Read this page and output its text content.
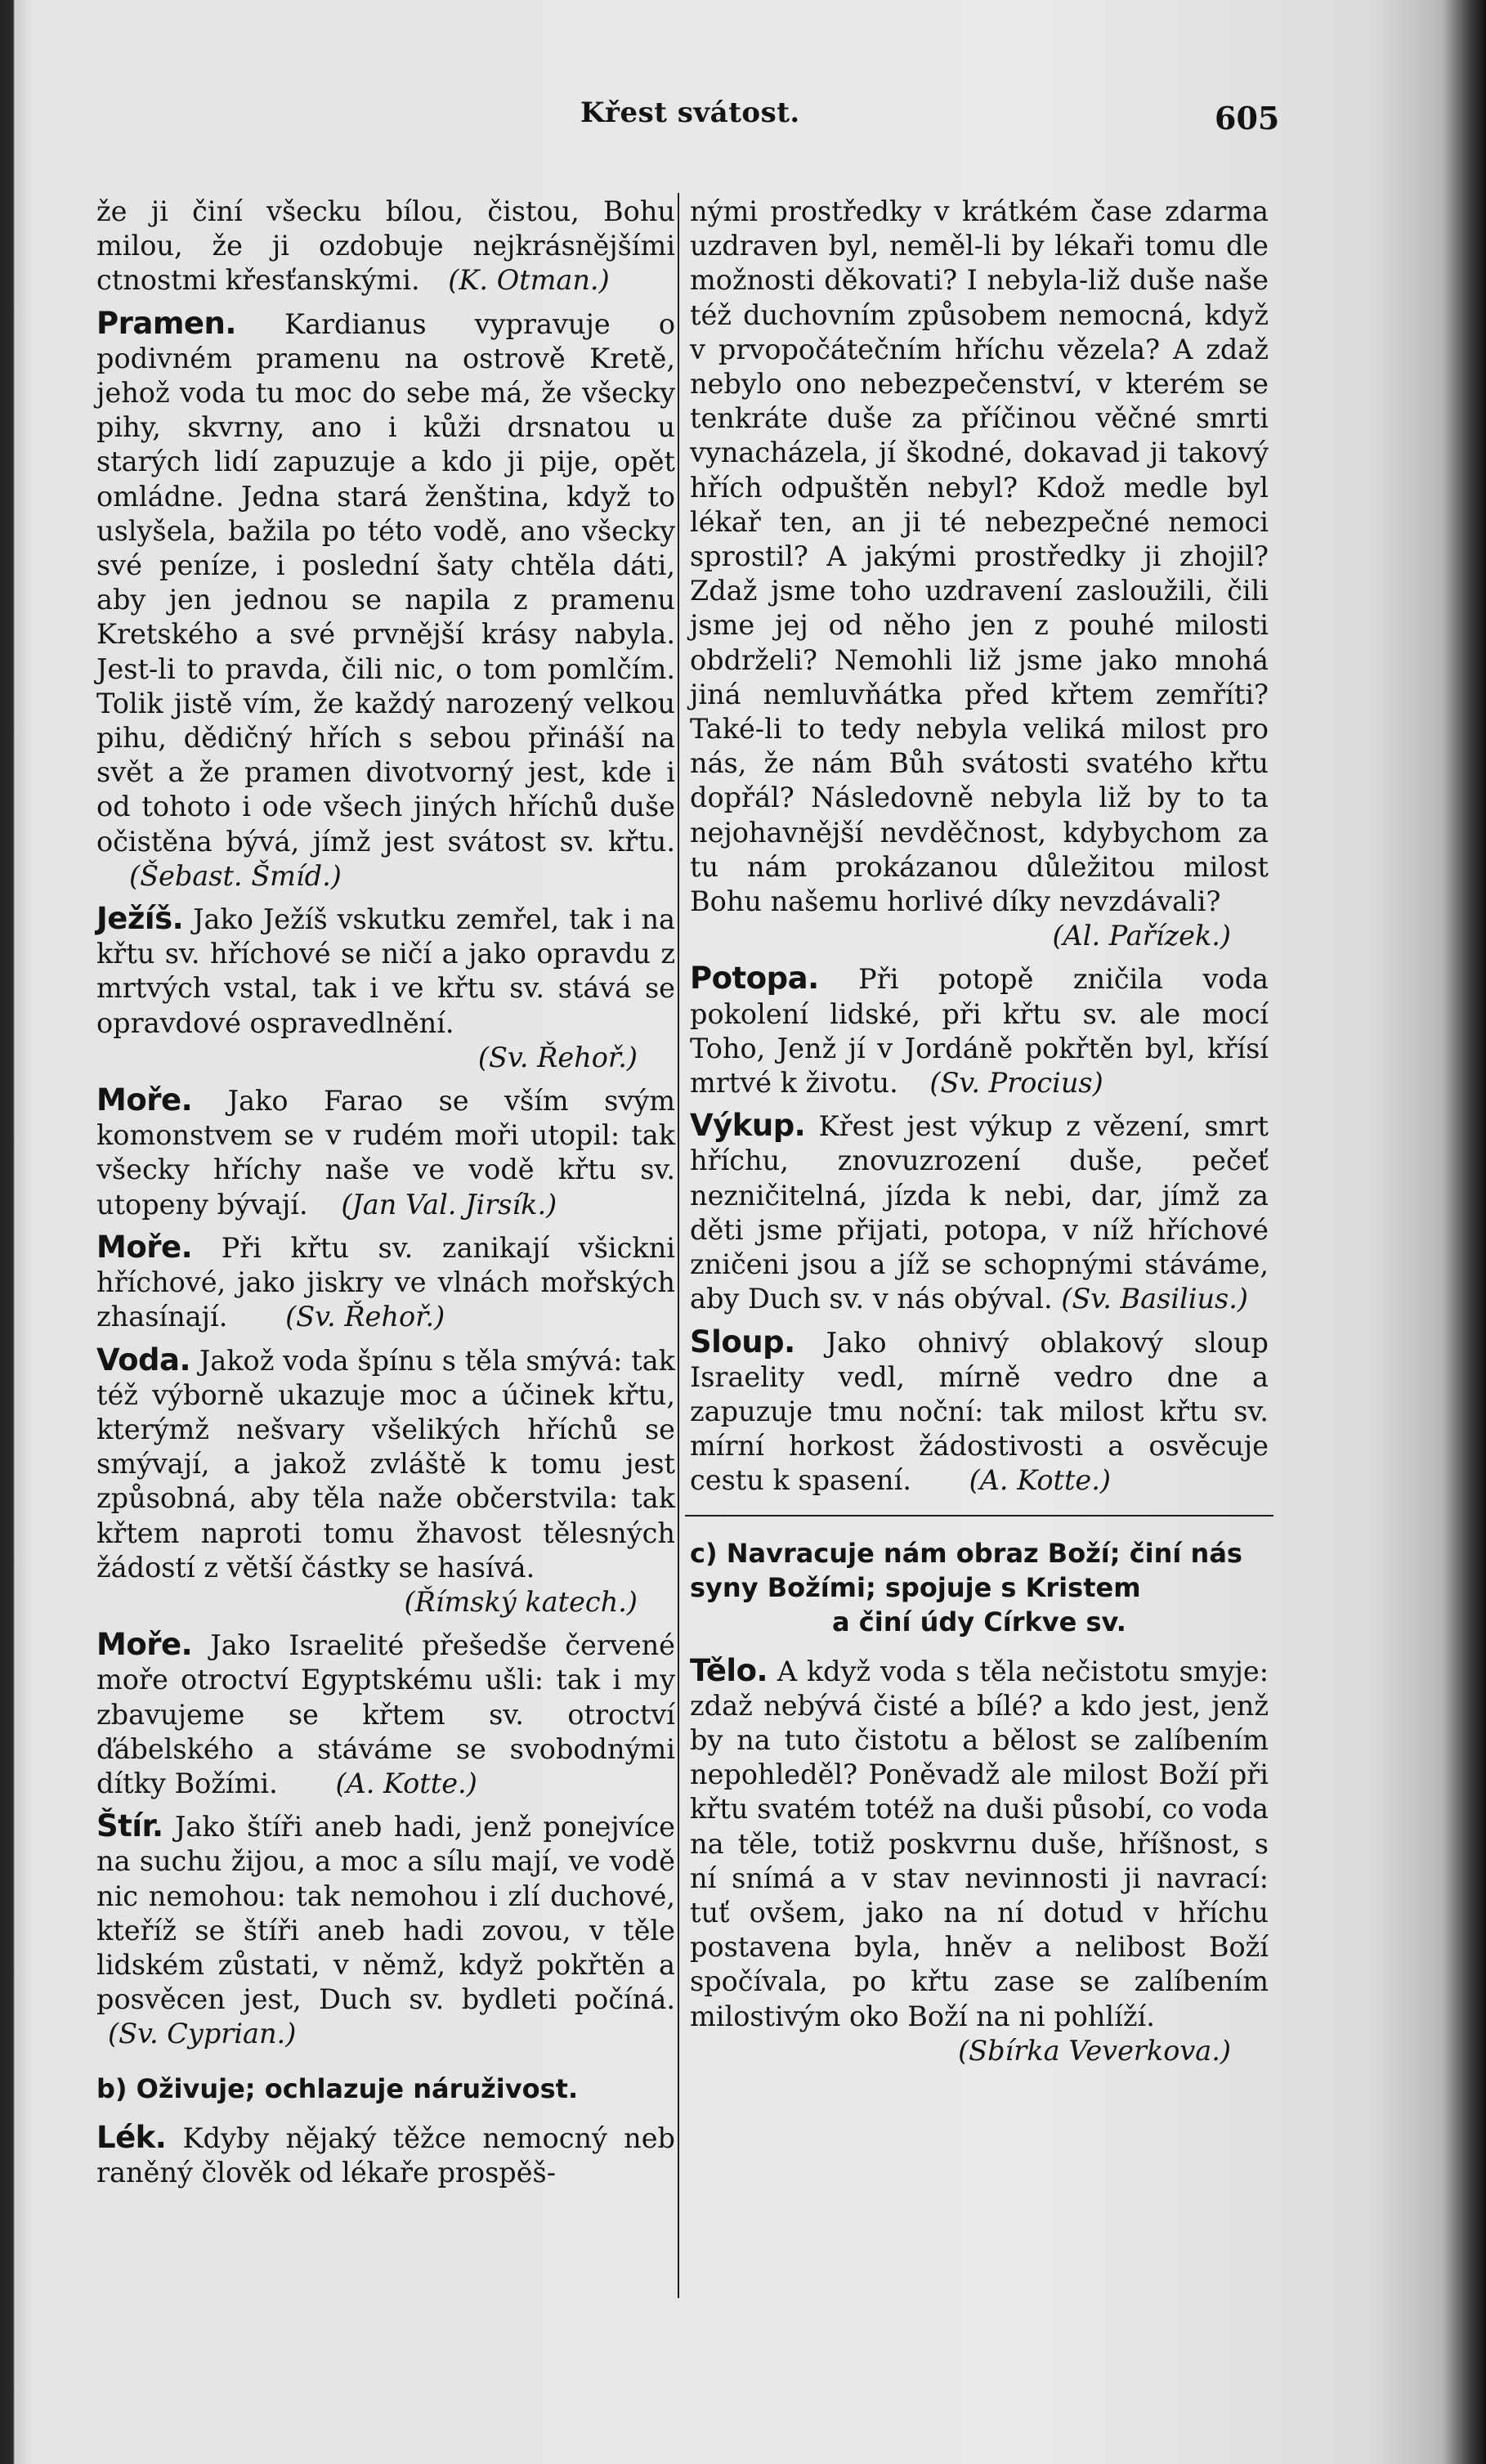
Křest svátost.	605

že ji činí všecku bílou, čistou, Bohu milou, že ji ozdobuje nejkrásnějšími ctnostmi křesťanskými. (K. Otman.)

Pramen. Kardianus vypravuje o podivném pramenu na ostrově Kretě, jehož voda tu moc do sebe má, že všecky pihy, skvrny, ano i kůži drsnatou u starých lidí zapuzuje a kdo ji pije, opět omládne. Jedna stará ženština, když to uslyšela, bažila po této vodě, ano všecky své peníze, i poslední šaty chtěla dáti, aby jen jednou se napila z pramenu Kretského a své prvnější krásy nabyla. Jest-li to pravda, čili nic, o tom pomlčím. Tolik jistě vím, že každý narozený velkou pihu, dědičný hřích s sebou přináší na svět a že pramen divotvorný jest, kde i od tohoto i ode všech jiných hříchů duše očistěna bývá, jímž jest svátost sv. křtu. (Šebast. Šmíd.)

Ježíš. Jako Ježíš vskutku zemřel, tak i na křtu sv. hříchové se ničí a jako opravdu z mrtvých vstal, tak i ve křtu sv. stává se opravdové ospravedlnění.

(Sv. Řehoř.)

Moře. Jako Farao se vším svým komonstvem se v rudém moři utopil: tak všecky hříchy naše ve vodě křtu sv. utopeny bývají. (Jan Val. Jirsík.)

Moře. Při křtu sv. zanikají všickni hříchové, jako jiskry ve vlnách mořských zhasínají. (Sv. Řehoř.)

Voda. Jakož voda špínu s těla smývá: tak též výborně ukazuje moc a účinek křtu, kterýmž nešvary všelikých hříchů se smývají, a jakož zvláště k tomu jest způsobná, aby těla naže občerstvila: tak křtem naproti tomu žhavost tělesných žádostí z větší částky se hasívá.

(Římský katech.)

Moře. Jako Israelité přešedše červené moře otroctví Egyptskému ušli: tak i my zbavujeme se křtem sv. otroctví ďábelského a stáváme se svobodnými dítky Božími. (A. Kotte.)

Štír. Jako štíři aneb hadi, jenž ponejvíce na suchu žijou, a moc a sílu mají, ve vodě nic nemohou: tak nemohou i zlí duchové, kteříž se štíři aneb hadi zovou, v těle lidském zůstati, v němž, když pokřtěn a posvěcen jest, Duch sv. bydleti počíná. (Sv. Cyprian.)

b) Oživuje; ochlazuje náruživost.

Lék. Kdyby nějaký těžce nemocný neb raněný člověk od lékaře prospěš-

nými prostředky v krátkém čase zdarma uzdraven byl, neměl-li by lékaři tomu dle možnosti děkovati? I nebyla-liž duše naše též duchovním způsobem nemocná, když v prvopočátečním hříchu vězela? A zdaž nebylo ono nebezpečenství, v kterém se tenkráte duše za příčinou věčné smrti vynacházela, jí škodné, dokavad ji takový hřích odpuštěn nebyl? Kdož medle byl lékař ten, an ji té nebezpečné nemoci sprostil? A jakými prostředky ji zhojil? Zdaž jsme toho uzdravení zasloužili, čili jsme jej od něho jen z pouhé milosti obdrželi? Nemohli liž jsme jako mnohá jiná nemluvňátka před křtem zemříti? Také-li to tedy nebyla veliká milost pro nás, že nám Bůh svátosti svatého křtu dopřál? Následovně nebyla liž by to ta nejohavnější nevděčnost, kdybychom za tu nám prokázanou důležitou milost Bohu našemu horlivé díky nevzdávali?

(Al. Pařízek.)

Potopa. Při potopě zničila voda pokolení lidské, při křtu sv. ale mocí Toho, Jenž jí v Jordáně pokřtěn byl, křísí mrtvé k životu. (Sv. Procius)

Výkup. Křest jest výkup z vězení, smrt hříchu, znovuzrození duše, pečeť nezničitelná, jízda k nebi, dar, jímž za děti jsme přijati, potopa, v níž hříchové zničeni jsou a jíž se schopnými stáváme, aby Duch sv. v nás obýval. (Sv. Basilius.)

Sloup. Jako ohnivý oblakový sloup Israelity vedl, mírně vedro dne a zapuzuje tmu noční: tak milost křtu sv. mírní horkost žádostivosti a osvěcuje cestu k spasení. (A. Kotte.)

c) Navracuje nám obraz Boží; činí nás syny Božími; spojuje s Kristem
a činí údy Církve sv.

Tělo. A když voda s těla nečistotu smyje: zdaž nebývá čisté a bílé? a kdo jest, jenž by na tuto čistotu a bělost se zalíbením nepohleděl? Poněvadž ale milost Boží při křtu svatém totéž na duši působí, co voda na těle, totiž poskvrnu duše, hříšnost, s ní snímá a v stav nevinnosti ji navrací: tuť ovšem, jako na ní dotud v hříchu postavena byla, hněv a nelibost Boží spočívala, po křtu zase se zalíbením milostivým oko Boží na ni pohlíží.

(Sbírka Veverkova.)
